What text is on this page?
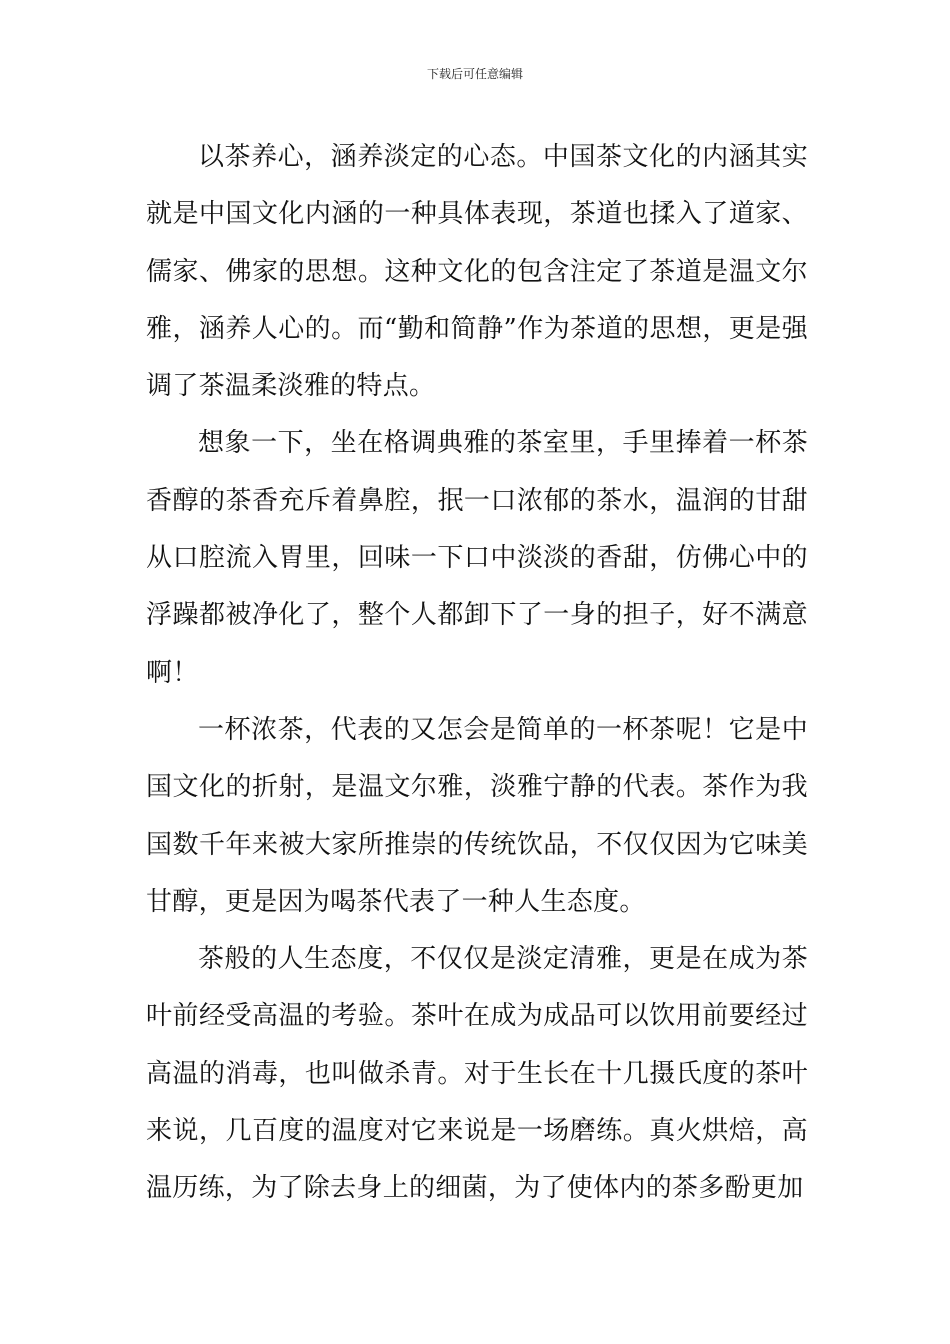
下载后可任意编辑

以茶养心，涵养淡定的心态。中国茶文化的内涵其实就是中国文化内涵的一种具体表现，茶道也揉入了道家、儒家、佛家的思想。这种文化的包含注定了茶道是温文尔雅，涵养人心的。而“勤和简静”作为茶道的思想，更是强调了茶温柔淡雅的特点。

想象一下，坐在格调典雅的茶室里，手里捧着一杯茶香醇的茶香充斥着鼻腔，抿一口浓郁的茶水，温润的甘甜从口腔流入胃里，回味一下口中淡淡的香甜，仿佛心中的浮躁都被净化了，整个人都卸下了一身的担子，好不满意啊！

一杯浓茶，代表的又怎会是简单的一杯茶呢！它是中国文化的折射，是温文尔雅，淡雅宁静的代表。茶作为我国数千年来被大家所推崇的传统饮品，不仅仅因为它味美甘醇，更是因为喝茶代表了一种人生态度。

茶般的人生态度，不仅仅是淡定清雅，更是在成为茶叶前经受高温的考验。茶叶在成为成品可以饮用前要经过高温的消毒，也叫做杀青。对于生长在十几摄氏度的茶叶来说，几百度的温度对它来说是一场磨练。真火烘焙，高温历练，为了除去身上的细菌，为了使体内的茶多酚更加
